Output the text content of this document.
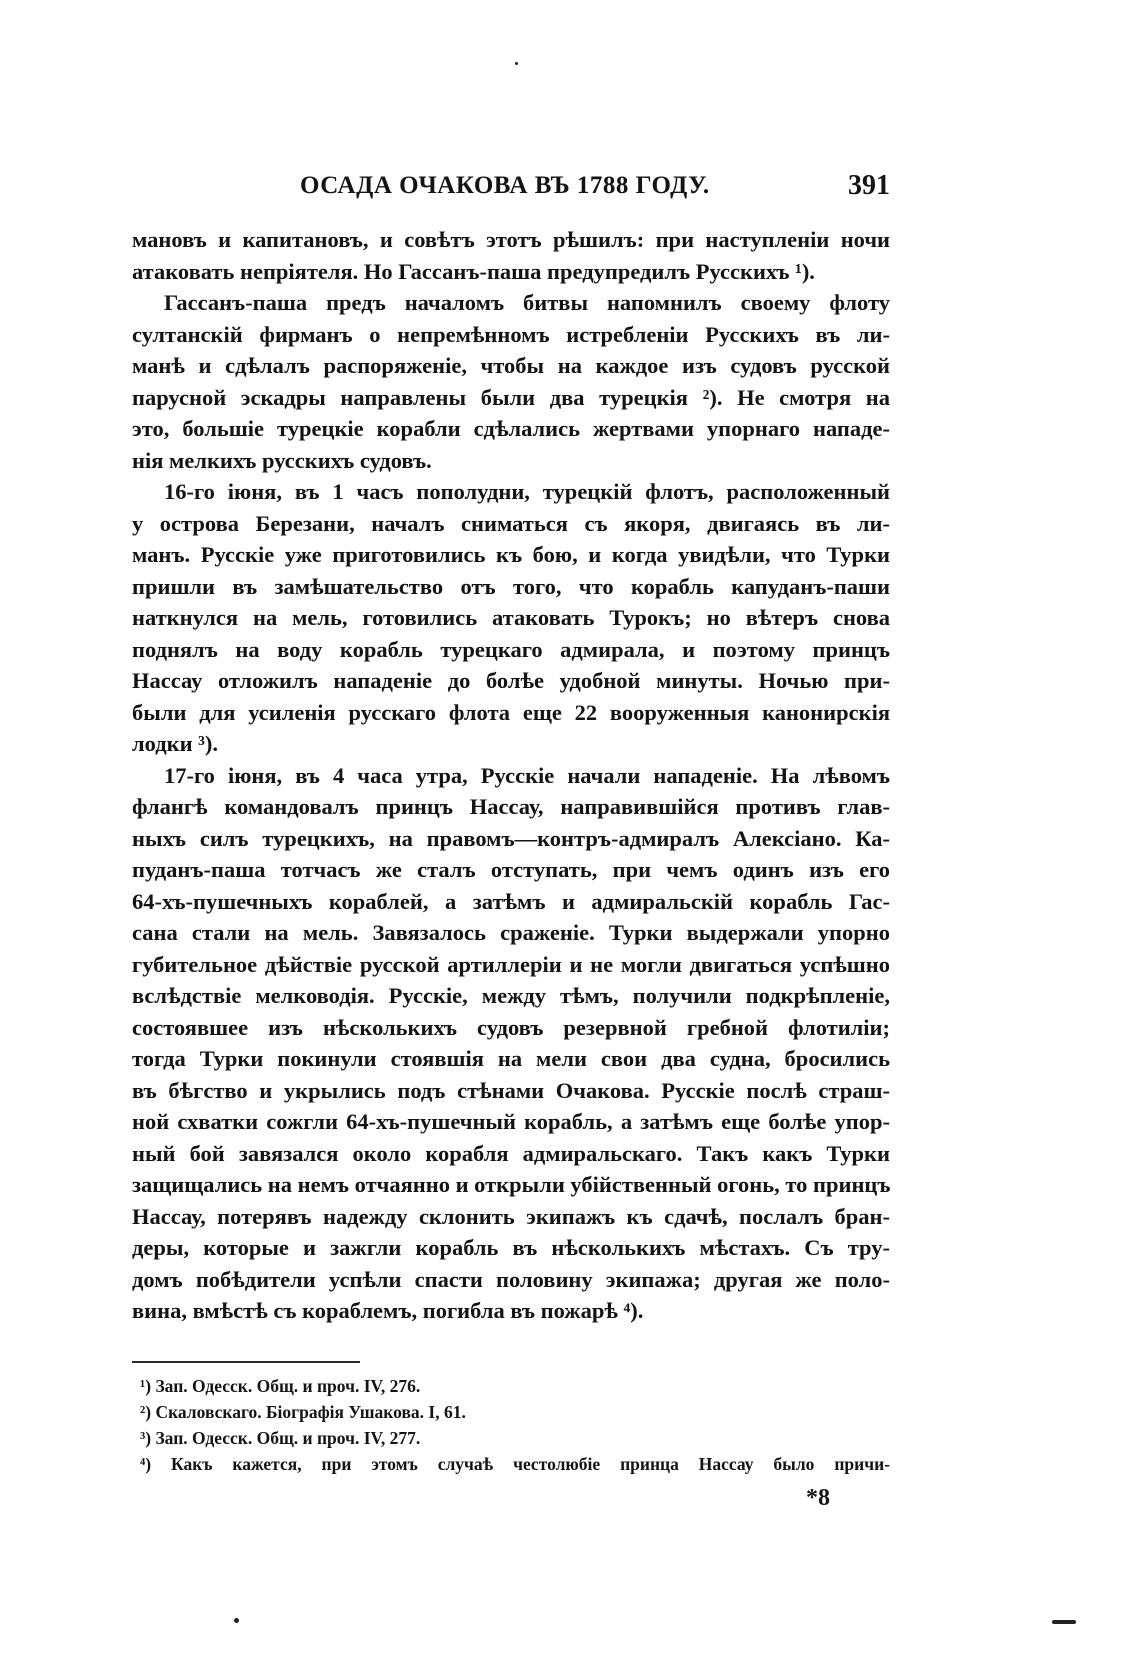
ОСАДА ОЧАКОВА ВЪ 1788 ГОДУ.	391
мановъ и капитановъ, и совѣтъ этотъ рѣшилъ: при наступленіи ночи
атаковать непріятеля. Но Гассанъ-паша предупредилъ Русскихъ ¹).
Гассанъ-паша предъ началомъ битвы напомнилъ своему флоту
султанскій фирманъ о непремѣнномъ истребленіи Русскихъ въ ли-
манѣ и сдѣлалъ распоряженіе, чтобы на каждое изъ судовъ русской
парусной эскадры направлены были два турецкія ²). Не смотря на
это, большіе турецкіе корабли сдѣлались жертвами упорнаго нападе-
нія мелкихъ русскихъ судовъ.
16-го іюня, въ 1 часъ пополудни, турецкій флотъ, расположенный
у острова Березани, началъ сниматься съ якоря, двигаясь въ ли-
манъ. Русскіе уже приготовились къ бою, и когда увидѣли, что Турки
пришли въ замѣшательство отъ того, что корабль капуданъ-паши
наткнулся на мель, готовились атаковать Турокъ; но вѣтеръ снова
поднялъ на воду корабль турецкаго адмирала, и поэтому принцъ
Нассау отложилъ нападеніе до болѣе удобной минуты. Ночью при-
были для усиленія русскаго флота еще 22 вооруженныя канонирскія
лодки ³).
17-го іюня, въ 4 часа утра, Русскіе начали нападеніе. На лѣвомъ
флангѣ командовалъ принцъ Нассау, направившійся противъ глав-
ныхъ силъ турецкихъ, на правомъ—контръ-адмиралъ Алексіано. Ка-
пуданъ-паша тотчасъ же сталъ отступать, при чемъ одинъ изъ его
64-хъ-пушечныхъ кораблей, а затѣмъ и адмиральскій корабль Гас-
сана стали на мель. Завязалось сраженіе. Турки выдержали упорно
губительное дѣйствіе русской артиллеріи и не могли двигаться успѣшно
вслѣдствіе мелководія. Русскіе, между тѣмъ, получили подкрѣпленіе,
состоявшее изъ нѣсколькихъ судовъ резервной гребной флотиліи;
тогда Турки покинули стоявшія на мели свои два судна, бросились
въ бѣгство и укрылись подъ стѣнами Очакова. Русскіе послѣ страш-
ной схватки сожгли 64-хъ-пушечный корабль, а затѣмъ еще болѣе упор-
ный бой завязался около корабля адмиральскаго. Такъ какъ Турки
защищались на немъ отчаянно и открыли убійственный огонь, то принцъ
Нассау, потерявъ надежду склонить экипажъ къ сдачѣ, послалъ бран-
деры, которые и зажгли корабль въ нѣсколькихъ мѣстахъ. Съ тру-
домъ побѣдители успѣли спасти половину экипажа; другая же поло-
вина, вмѣстѣ съ кораблемъ, погибла въ пожарѣ ⁴).
¹) Зап. Одесск. Общ. и проч. IV, 276.
²) Скаловскаго. Біографія Ушакова. I, 61.
³) Зап. Одесск. Общ. и проч. IV, 277.
⁴) Какъ кажется, при этомъ случаѣ честолюбіе принца Нассау было причи-
*8
